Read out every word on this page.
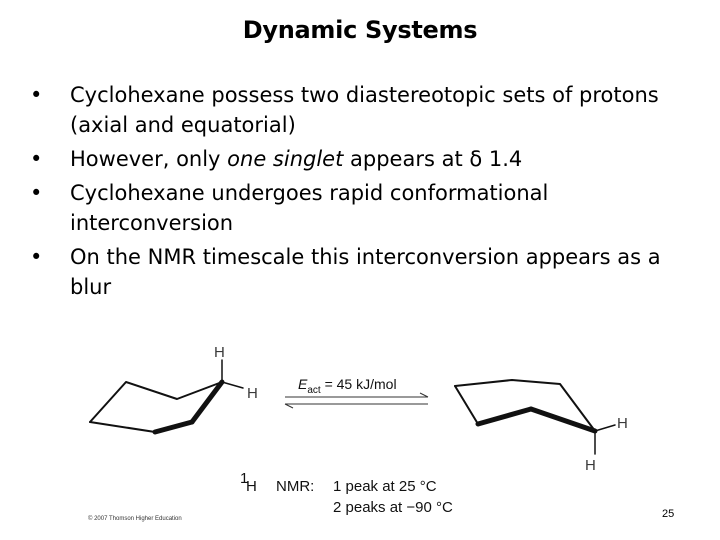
Dynamic Systems
• Cyclohexane possess two diastereotopic sets of protons (axial and equatorial)
• However, only one singlet appears at δ 1.4
• Cyclohexane undergoes rapid conformational interconversion
• On the NMR timescale this interconversion appears as a blur
H
H
$E_{act} = 45$ kJ/mol
H
H
1
H NMR: 1 peak at 25 °C
2 peaks at −90 °C
© 2007 Thomson Higher Education	25
